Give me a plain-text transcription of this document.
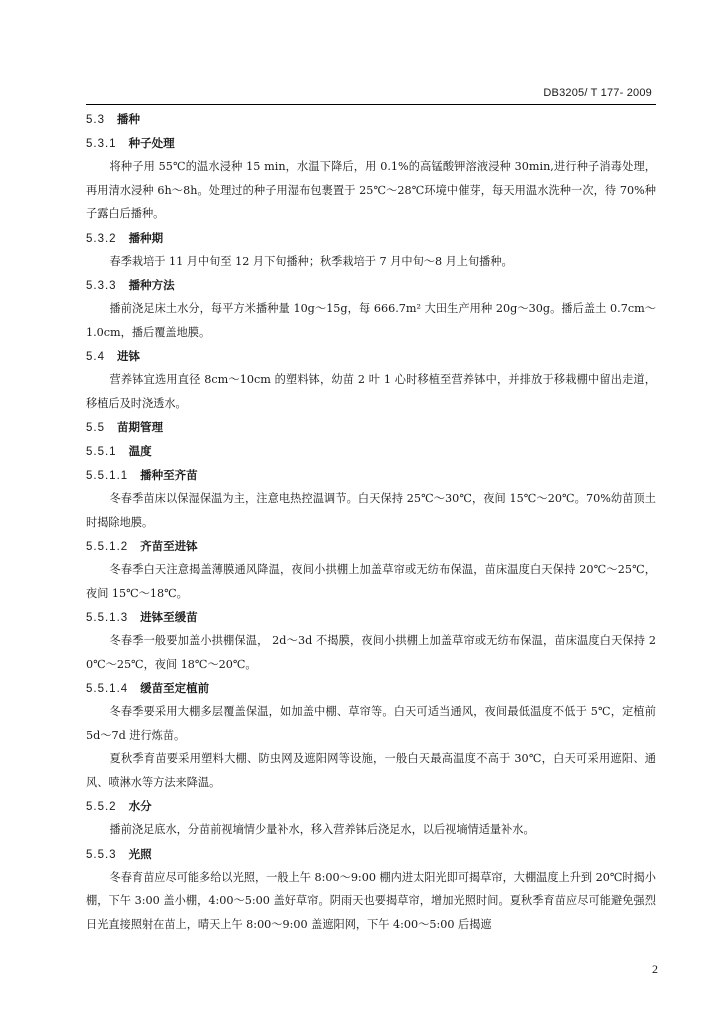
DB3205/ T 177- 2009
5.3 播种
5.3.1 种子处理

将种子用 55℃的温水浸种 15 min，水温下降后，用 0.1%的高锰酸钾溶液浸种 30min,进行种子消毒处理，再用清水浸种 6h～8h。处理过的种子用湿布包裹置于 25℃～28℃环境中催芽，每天用温水洗种一次，待 70%种子露白后播种。

5.3.2 播种期

春季栽培于 11 月中旬至 12 月下旬播种；秋季栽培于 7 月中旬～8 月上旬播种。

5.3.3 播种方法

播前浇足床土水分，每平方米播种量 10g～15g，每 666.7m² 大田生产用种 20g～30g。播后盖土 0.7cm～1.0cm，播后覆盖地膜。

5.4 进钵

营养钵宜选用直径 8cm～10cm 的塑料钵，幼苗 2 叶 1 心时移植至营养钵中，并排放于移栽棚中留出走道，移植后及时浇透水。

5.5 苗期管理
5.5.1 温度
5.5.1.1 播种至齐苗

冬春季苗床以保湿保温为主，注意电热控温调节。白天保持 25℃～30℃，夜间 15℃～20℃。70%幼苗顶土时揭除地膜。

5.5.1.2 齐苗至进钵

冬春季白天注意揭盖薄膜通风降温，夜间小拱棚上加盖草帘或无纺布保温，苗床温度白天保持 20℃～25℃，夜间 15℃～18℃。

5.5.1.3 进钵至缓苗

冬春季一般要加盖小拱棚保温， 2d～3d 不揭膜，夜间小拱棚上加盖草帘或无纺布保温，苗床温度白天保持 20℃～25℃，夜间 18℃～20℃。

5.5.1.4 缓苗至定植前

冬春季要采用大棚多层覆盖保温，如加盖中棚、草帘等。白天可适当通风，夜间最低温度不低于 5℃，定植前 5d～7d 进行炼苗。

夏秋季育苗要采用塑料大棚、防虫网及遮阳网等设施，一般白天最高温度不高于 30℃，白天可采用遮阳、通风、喷淋水等方法来降温。

5.5.2 水分

播前浇足底水，分苗前视墒情少量补水，移入营养钵后浇足水，以后视墒情适量补水。

5.5.3 光照

冬春育苗应尽可能多给以光照，一般上午 8:00～9:00 棚内进太阳光即可揭草帘，大棚温度上升到 20℃时揭小棚，下午 3:00 盖小棚，4:00～5:00 盖好草帘。阴雨天也要揭草帘，增加光照时间。夏秋季育苗应尽可能避免强烈日光直接照射在苗上，晴天上午 8:00～9:00 盖遮阳网，下午 4:00～5:00 后揭遮

2
